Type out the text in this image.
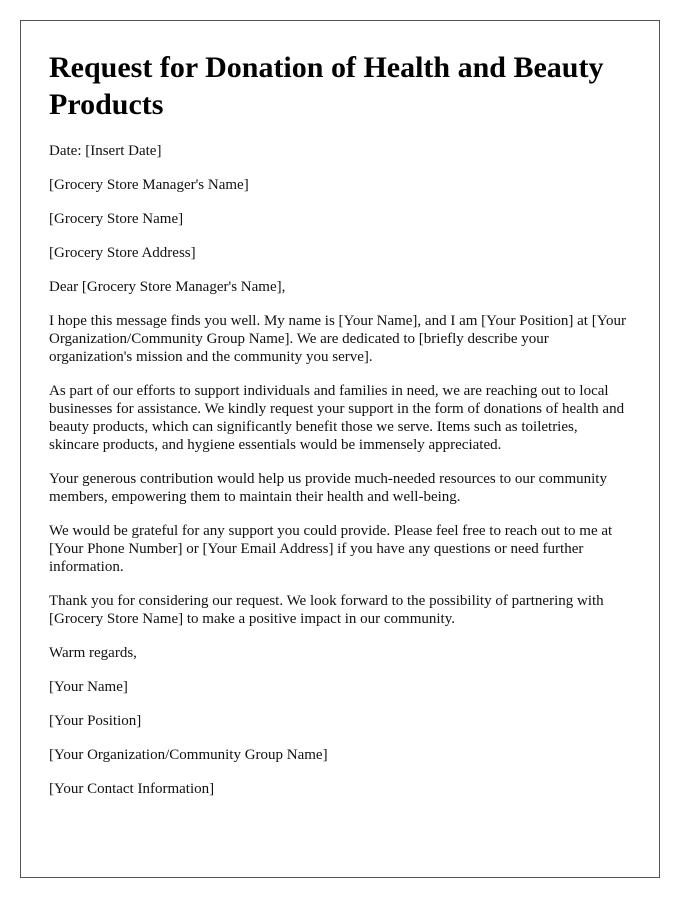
Request for Donation of Health and Beauty Products

Date: [Insert Date]

[Grocery Store Manager's Name]

[Grocery Store Name]

[Grocery Store Address]

Dear [Grocery Store Manager's Name],

I hope this message finds you well. My name is [Your Name], and I am [Your Position] at [Your Organization/Community Group Name]. We are dedicated to [briefly describe your organization's mission and the community you serve].

As part of our efforts to support individuals and families in need, we are reaching out to local businesses for assistance. We kindly request your support in the form of donations of health and beauty products, which can significantly benefit those we serve. Items such as toiletries, skincare products, and hygiene essentials would be immensely appreciated.

Your generous contribution would help us provide much-needed resources to our community members, empowering them to maintain their health and well-being.

We would be grateful for any support you could provide. Please feel free to reach out to me at [Your Phone Number] or [Your Email Address] if you have any questions or need further information.

Thank you for considering our request. We look forward to the possibility of partnering with [Grocery Store Name] to make a positive impact in our community.

Warm regards,

[Your Name]

[Your Position]

[Your Organization/Community Group Name]

[Your Contact Information]
